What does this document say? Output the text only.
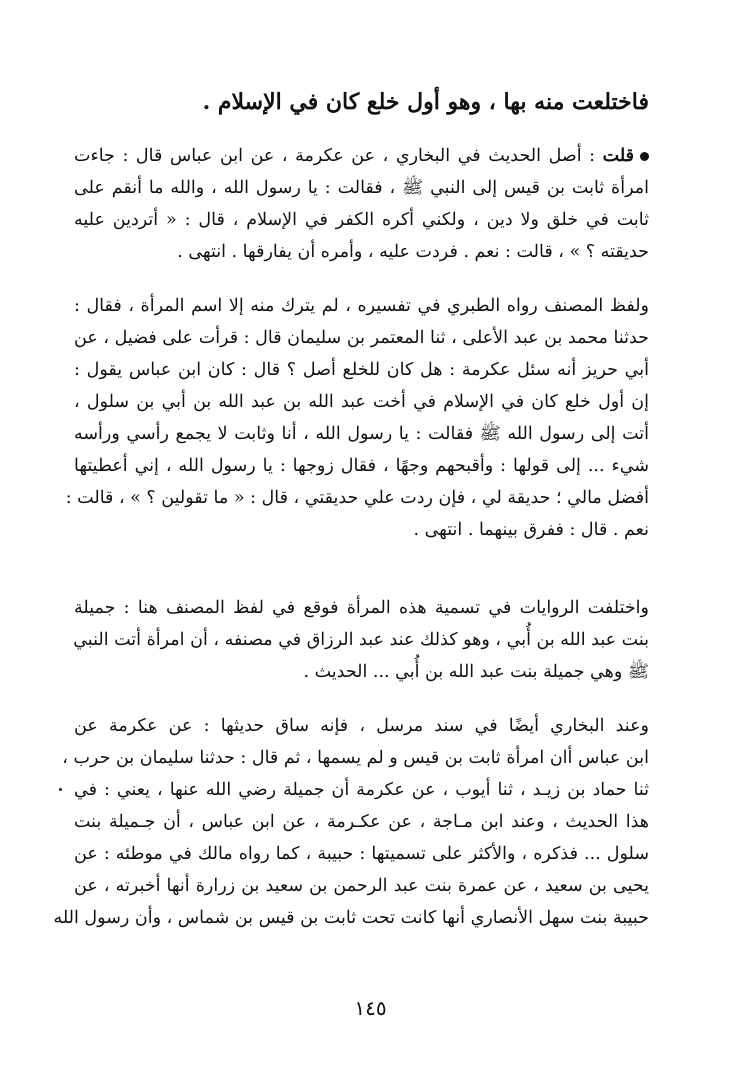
فاختلعت منه بها ، وهو أول خلع كان في الإسلام .
قلت : أصل الحديث في البخاري ، عن عكرمة ، عن ابن عباس قال : جاءت
امرأة ثابت بن قيس إلى النبي ﷺ ، فقالت : يا رسول الله ، والله ما أنقم على
ثابت في خلق ولا دين ، ولكني أكره الكفر في الإسلام ، قال : « أتردين عليه
حديقته ؟ » ، قالت : نعم . فردت عليه ، وأمره أن يفارقها . انتهى .
ولفظ المصنف رواه الطبري في تفسيره ، لم يترك منه إلا اسم المرأة ، فقال :
حدثنا محمد بن عبد الأعلى ، ثنا المعتمر بن سليمان قال : قرأت على فضيل ، عن
أبي حريز أنه سئل عكرمة : هل كان للخلع أصل ؟ قال : كان ابن عباس يقول :
إن أول خلع كان في الإسلام في أخت عبد الله بن عبد الله بن أبي بن سلول ،
أتت إلى رسول الله ﷺ فقالت : يا رسول الله ، أنا وثابت لا يجمع رأسي ورأسه
شيء ... إلى قولها : وأقبحهم وجهًا ، فقال زوجها : يا رسول الله ، إني أعطيتها
أفضل مالي ؛ حديقة لي ، فإن ردت علي حديقتي ، قال : « ما تقولين ؟ » ، قالت :
نعم . قال : ففرق بينهما . انتهى .
واختلفت الروايات في تسمية هذه المرأة فوقع في لفظ المصنف هنا : جميلة
بنت عبد الله بن أُبي ، وهو كذلك عند عبد الرزاق في مصنفه ، أن امرأة أتت النبي
ﷺ وهي جميلة بنت عبد الله بن أُبي ... الحديث .
وعند البخاري أيضًا في سند مرسل ، فإنه ساق حديثها : عن عكرمة عن
ابن عباس أان امرأة ثابت بن قيس و لم يسمها ، ثم قال : حدثنا سليمان بن حرب ،
ثنا حماد بن زيـد ، ثنا أيوب ، عن عكرمة أن جميلة رضي الله عنها ، يعني : في
هذا الحديث ، وعند ابن مـاجة ، عن عكـرمة ، عن ابن عباس ، أن جـميلة بنت
سلول ... فذكره ، والأكثر على تسميتها : حبيبة ، كما رواه مالك في موطئه : عن
يحيى بن سعيد ، عن عمرة بنت عبد الرحمن بن سعيد بن زرارة أنها أخبرته ، عن
حبيبة بنت سهل الأنصاري أنها كانت تحت ثابت بن قيس بن شماس ، وأن رسول الله
١٤٥
